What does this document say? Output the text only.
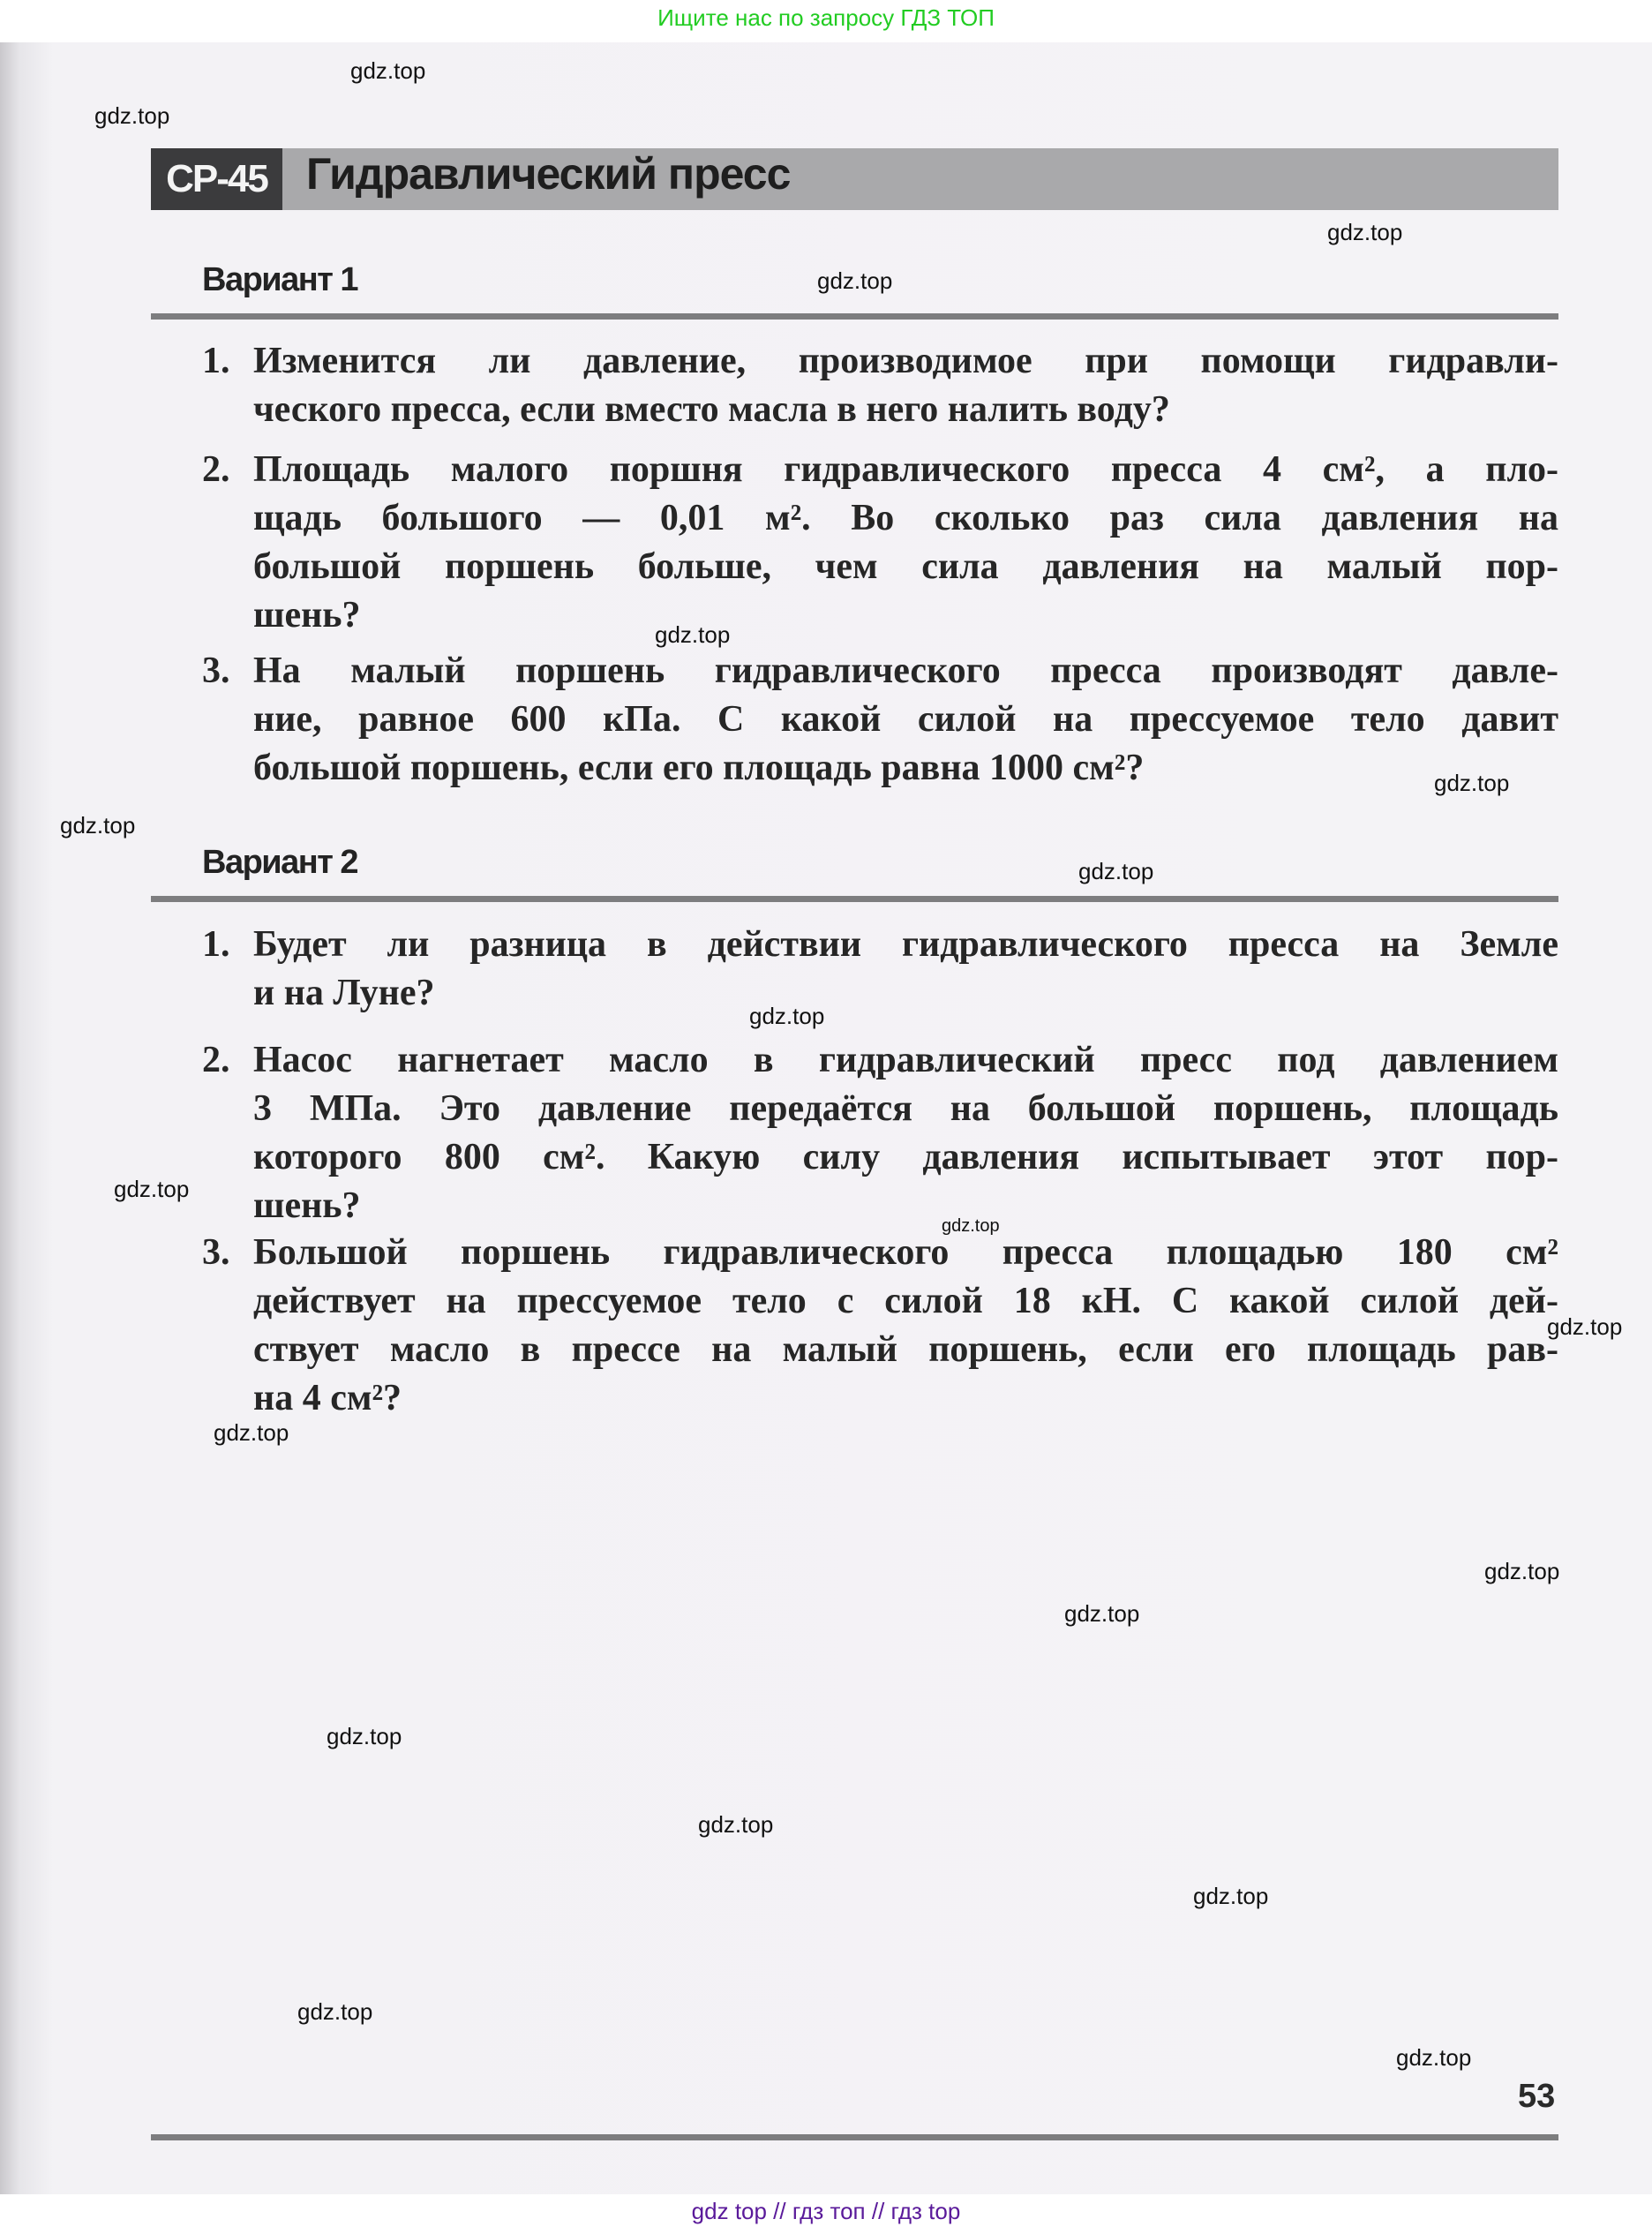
Ищите нас по запросу ГДЗ ТОП
СР-45 Гидравлический пресс
Вариант 1
Вариант 2
1. Изменится ли давление, производимое при помощи гидравли-
ческого пресса, если вместо масла в него налить воду?
2. Площадь малого поршня гидравлического пресса 4 см², а пло-
щадь большого — 0,01 м². Во сколько раз сила давления на
большой поршень больше, чем сила давления на малый пор-
шень?
3. На малый поршень гидравлического пресса производят давле-
ние, равное 600 кПа. С какой силой на прессуемое тело давит
большой поршень, если его площадь равна 1000 см²?
1. Будет ли разница в действии гидравлического пресса на Земле
и на Луне?
2. Насос нагнетает масло в гидравлический пресс под давлением
3 МПа. Это давление передаётся на большой поршень, площадь
которого 800 см². Какую силу давления испытывает этот пор-
шень?
3. Большой поршень гидравлического пресса площадью 180 см²
действует на прессуемое тело с силой 18 кН. С какой силой дей-
ствует масло в прессе на малый поршень, если его площадь рав-
на 4 см²?
53
gdz.top
gdz.top
gdz.top
gdz.top
gdz.top
gdz.top
gdz.top
gdz.top
gdz.top
gdz.top
gdz.top
gdz.top
gdz.top
gdz.top
gdz.top
gdz.top
gdz.top
gdz.top
gdz.top
gdz.top
gdz top // гдз топ // гдз top
